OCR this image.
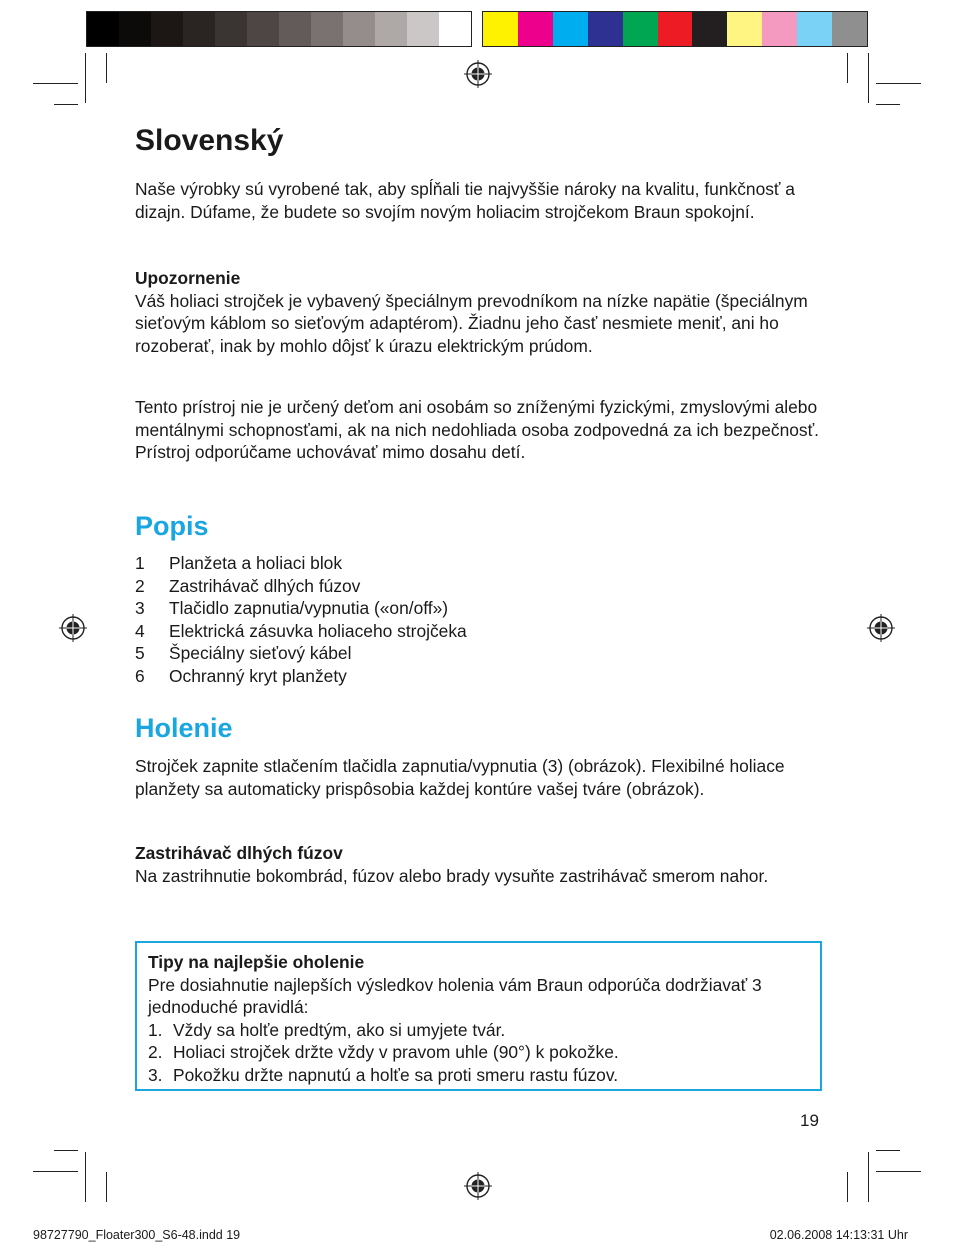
Slovenský

Naše výrobky sú vyrobené tak, aby spĺňali tie najvyššie nároky na kvalitu, funkčnosť a dizajn. Dúfame, že budete so svojím novým holiacim strojčekom Braun spokojní.

Upozornenie
Váš holiaci strojček je vybavený špeciálnym prevodníkom na nízke napätie (špeciálnym sieťovým káblom so sieťovým adaptérom). Žiadnu jeho časť nesmiete meniť, ani ho rozoberať, inak by mohlo dôjsť k úrazu elektrickým prúdom.

Tento prístroj nie je určený deťom ani osobám so zníženými fyzickými, zmyslovými alebo mentálnymi schopnosťami, ak na nich nedohliada osoba zodpovedná za ich bezpečnosť. Prístroj odporúčame uchovávať mimo dosahu detí.

Popis
1	Planžeta a holiaci blok
2	Zastrihávač dlhých fúzov
3	Tlačidlo zapnutia/vypnutia («on/off»)
4	Elektrická zásuvka holiaceho strojčeka
5	Špeciálny sieťový kábel
6	Ochranný kryt planžety
Holenie

Strojček zapnite stlačením tlačidla zapnutia/vypnutia (3) (obrázok). Flexibilné holiace planžety sa automaticky prispôsobia každej kontúre vašej tváre (obrázok).

Zastrihávač dlhých fúzov
Na zastrihnutie bokombrád, fúzov alebo brady vysuňte zastrihávač smerom nahor.
Tipy na najlepšie oholenie
Pre dosiahnutie najlepších výsledkov holenia vám Braun odporúča dodržiavať 3 jednoduché pravidlá:
1. Vždy sa holťe predtým, ako si umyjete tvár.
2. Holiaci strojček držte vždy v pravom uhle (90°) k pokožke.
3. Pokožku držte napnutú a holťe sa proti smeru rastu fúzov.
19
98727790_Floater300_S6-48.indd 19	02.06.2008 14:13:31 Uhr
